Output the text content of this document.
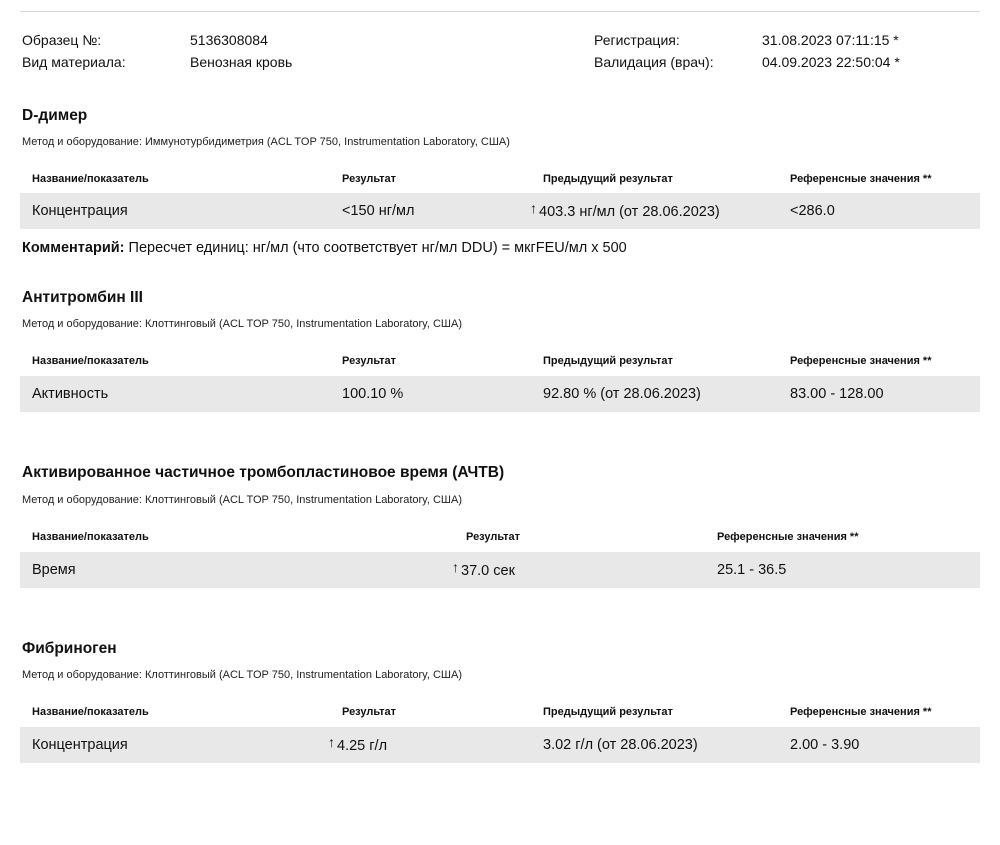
Образец №:	5136308084
Вид материала:	Венозная кровь
Регистрация:	31.08.2023 07:11:15 *
Валидация (врач):	04.09.2023 22:50:04 *
D-димер
Метод и оборудование: Иммунотурбидиметрия (ACL TOP 750, Instrumentation Laboratory, США)
Название/показатель	Результат	Предыдущий результат	Референсные значения **
Концентрация	<150 нг/мл	↑ 403.3 нг/мл (от 28.06.2023)	<286.0
Комментарий: Пересчет единиц: нг/мл (что соответствует нг/мл DDU) = мкгFEU/мл х 500
Антитромбин III
Метод и оборудование: Клоттинговый (ACL TOP 750, Instrumentation Laboratory, США)
Название/показатель	Результат	Предыдущий результат	Референсные значения **
Активность	100.10 %	92.80 % (от 28.06.2023)	83.00 - 128.00
Активированное частичное тромбопластиновое время (АЧТВ)
Метод и оборудование: Клоттинговый (ACL TOP 750, Instrumentation Laboratory, США)
Название/показатель	Результат	Референсные значения **
Время	↑ 37.0 сек	25.1 - 36.5
Фибриноген
Метод и оборудование: Клоттинговый (ACL TOP 750, Instrumentation Laboratory, США)
Название/показатель	Результат	Предыдущий результат	Референсные значения **
Концентрация	↑ 4.25 г/л	3.02 г/л (от 28.06.2023)	2.00 - 3.90
